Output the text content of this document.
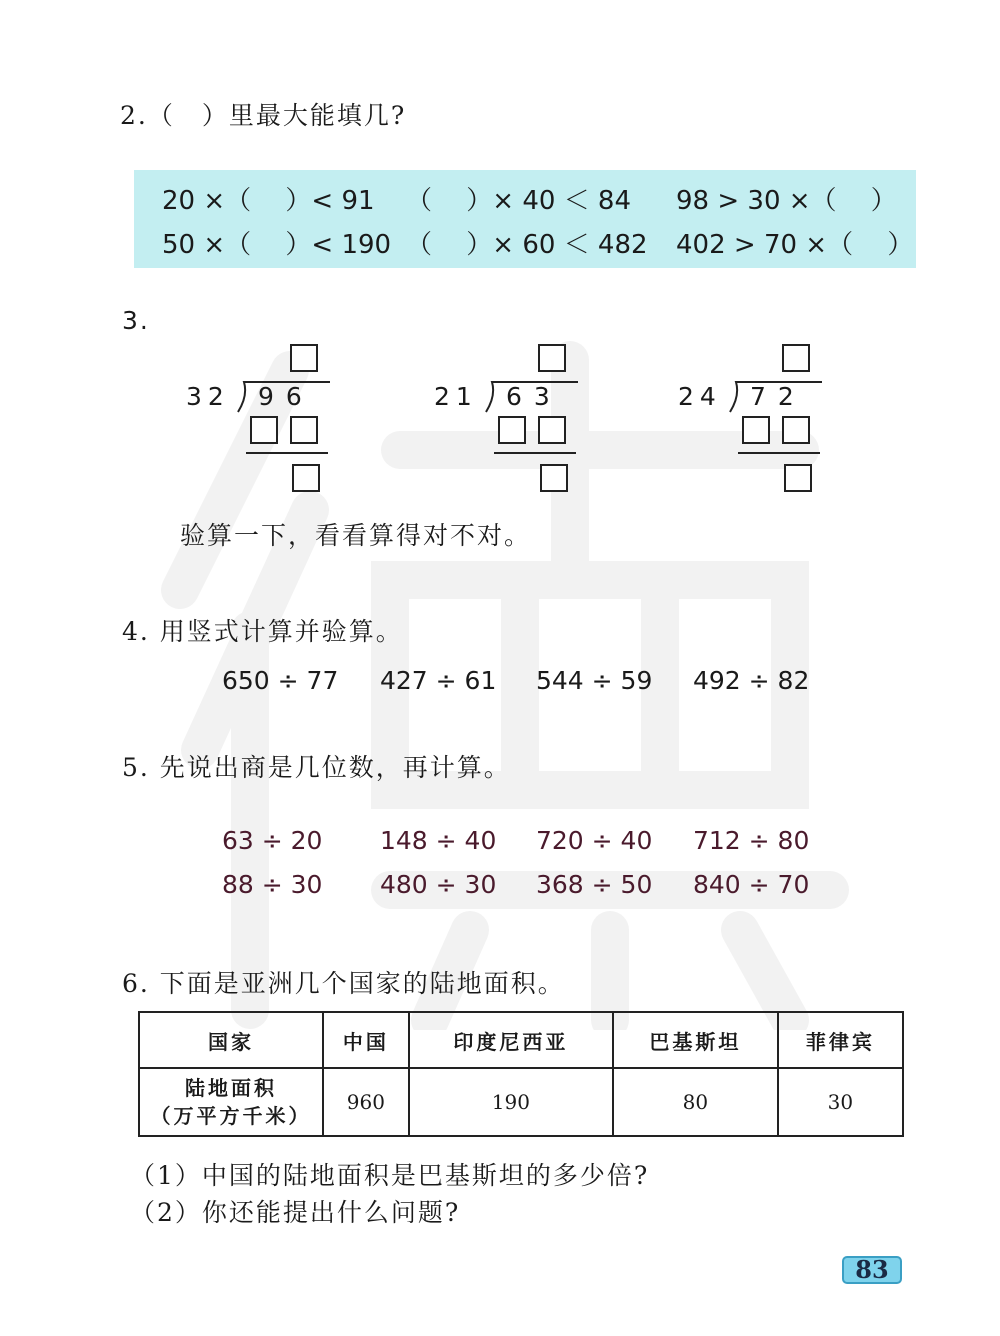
2.（　）里最大能填几?
20 ×（　 ）< 91 （　 ）× 40 ＜ 84 98 > 30 ×（　 ）
50 ×（　 ）< 190 （　 ）× 60 ＜ 482 402 > 70 ×（　 ）
3.
32 96	21 63	24 72
验算一下，看看算得对不对。
4. 用竖式计算并验算。
650 ÷ 77 427 ÷ 61 544 ÷ 59 492 ÷ 82
5. 先说出商是几位数，再计算。
63 ÷ 20 148 ÷ 40 720 ÷ 40 712 ÷ 80
88 ÷ 30 480 ÷ 30 368 ÷ 50 840 ÷ 70
6. 下面是亚洲几个国家的陆地面积。
国家	中国	印度尼西亚	巴基斯坦	菲律宾

陆地面积
（万平方千米）	960	190	80	30
（1）中国的陆地面积是巴基斯坦的多少倍?
（2）你还能提出什么问题?
83
